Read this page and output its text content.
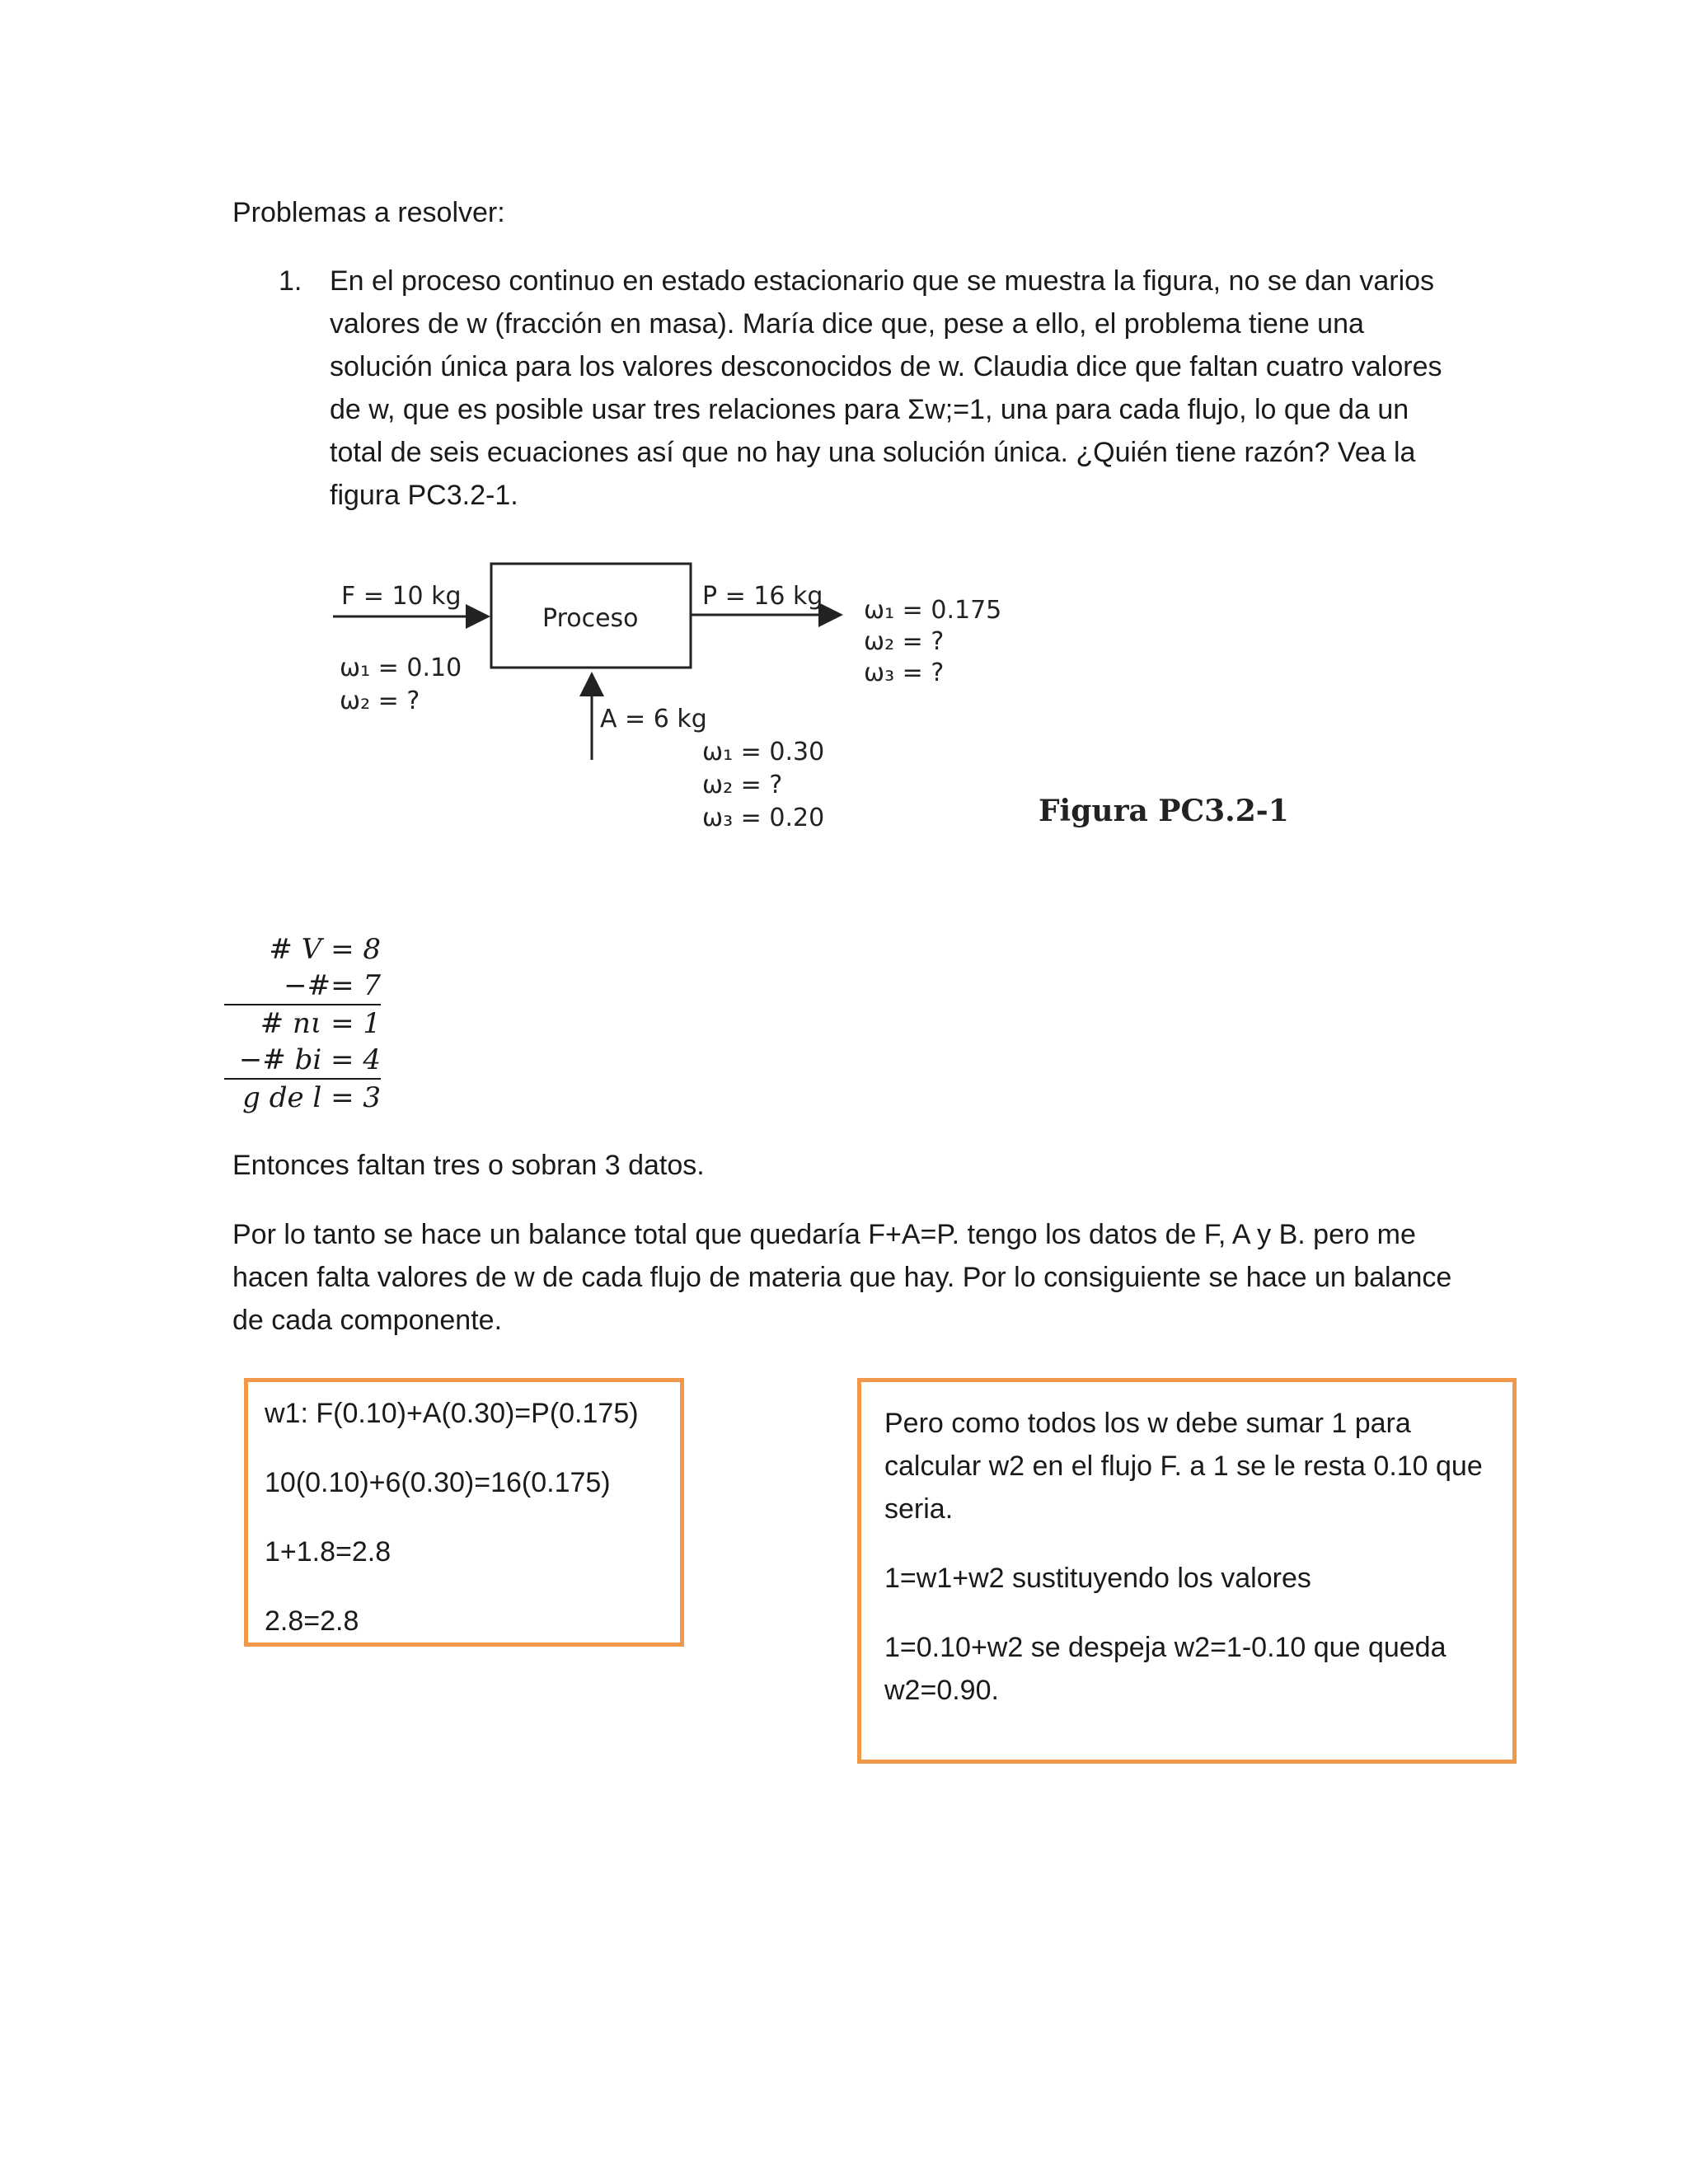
Problemas a resolver:
1. En el proceso continuo en estado estacionario que se muestra la figura, no se dan varios
valores de w (fracción en masa). María dice que, pese a ello, el problema tiene una
solución única para los valores desconocidos de w. Claudia dice que faltan cuatro valores
de w, que es posible usar tres relaciones para Σw;=1, una para cada flujo, lo que da un
total de seis ecuaciones así que no hay una solución única. ¿Quién tiene razón? Vea la
figura PC3.2-1.
Proceso
F = 10 kg
ω₁ = 0.10
ω₂ = ?
P = 16 kg ω₁ = 0.175
ω₂ = ?
ω₃ = ?
A = 6 kg
ω₁ = 0.30
ω₂ = ?
ω₃ = 0.20	Figura PC3.2-1
# V = 8
−#= 7
# nι = 1
−# bi = 4
g de l = 3
Entonces faltan tres o sobran 3 datos.
Por lo tanto se hace un balance total que quedaría F+A=P. tengo los datos de F, A y B. pero me
hacen falta valores de w de cada flujo de materia que hay. Por lo consiguiente se hace un balance
de cada componente.
w1: F(0.10)+A(0.30)=P(0.175)
10(0.10)+6(0.30)=16(0.175)
1+1.8=2.8
2.8=2.8
Pero como todos los w debe sumar 1 para
calcular w2 en el flujo F. a 1 se le resta 0.10 que
seria.
1=w1+w2 sustituyendo los valores
1=0.10+w2 se despeja w2=1-0.10 que queda
w2=0.90.
